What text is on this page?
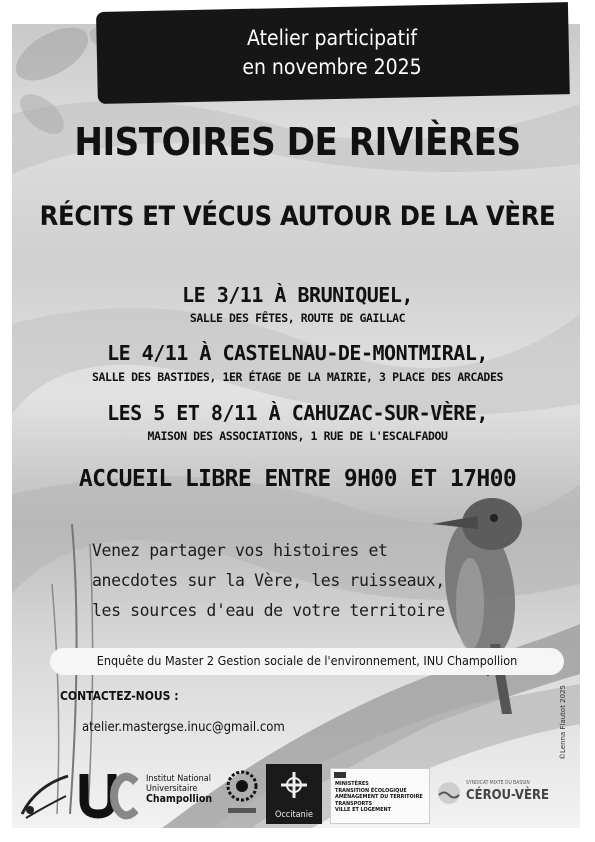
Atelier participatif
en novembre 2025
HISTOIRES DE RIVIÈRES
RÉCITS ET VÉCUS AUTOUR DE LA VÈRE
LE 3/11 À BRUNIQUEL,
SALLE DES FÊTES, ROUTE DE GAILLAC
LE 4/11 À CASTELNAU-DE-MONTMIRAL,
SALLE DES BASTIDES, 1ER ÉTAGE DE LA MAIRIE, 3 PLACE DES ARCADES
LES 5 ET 8/11 À CAHUZAC-SUR-VÈRE,
MAISON DES ASSOCIATIONS, 1 RUE DE L'ESCALFADOU
ACCUEIL LIBRE ENTRE 9H00 ET 17H00
Venez partager vos histoires et
anecdotes sur la Vère, les ruisseaux,
les sources d'eau de votre territoire
Enquête du Master 2 Gestion sociale de l'environnement, INU Champollion
CONTACTEZ-NOUS :
atelier.mastergse.inuc@gmail.com
Institut National
Universitaire
Champollion
Occitanie
MINISTÈRES
TRANSITION ÉCOLOGIQUE
AMÉNAGEMENT DU TERRITOIRE
TRANSPORTS
VILLE ET LOGEMENT
SYNDICAT MIXTE DU BASSIN
CÉROU-VÈRE
©Lenna Flautot 2025
